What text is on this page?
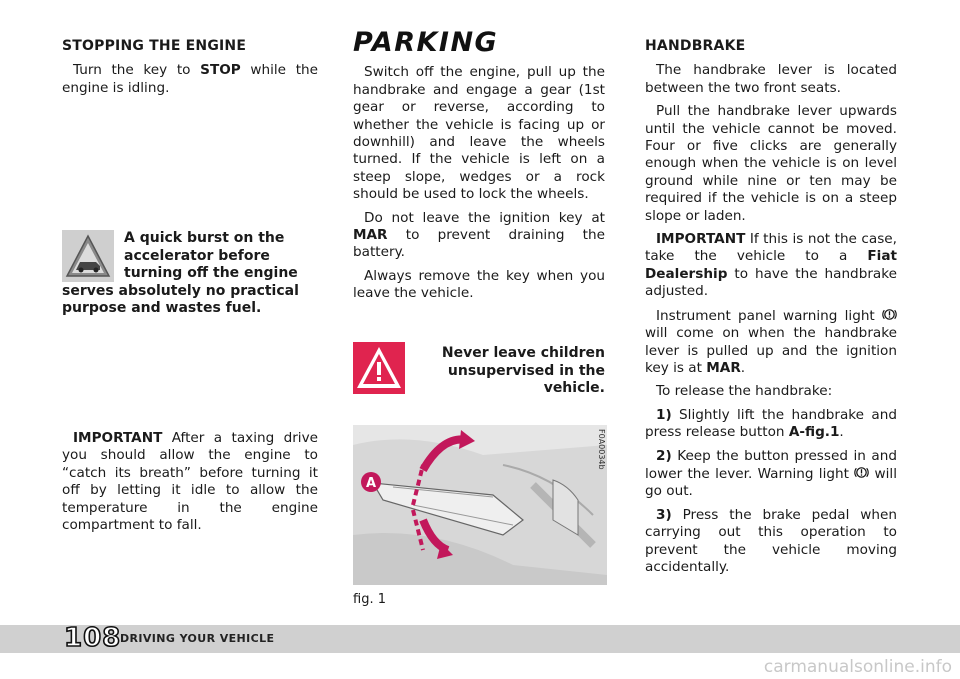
STOPPING THE ENGINE

Turn the key to STOP while the engine is idling.

A quick burst on the accelerator before turning off the engine serves absolutely no practical purpose and wastes fuel.

IMPORTANT After a taxing drive you should allow the engine to “catch its breath” before turning it off by letting it idle to allow the temperature in the engine compartment to fall.

PARKING

Switch off the engine, pull up the handbrake and engage a gear (1st gear or reverse, according to whether the vehicle is facing up or downhill) and leave the wheels turned. If the vehicle is left on a steep slope, wedges or a rock should be used to lock the wheels.

Do not leave the ignition key at MAR to prevent draining the battery.

Always remove the key when you leave the vehicle.

Never leave children unsupervised in the vehicle.
A
F0A0034b
fig. 1
HANDBRAKE

The handbrake lever is located between the two front seats.

Pull the handbrake lever upwards until the vehicle cannot be moved. Four or five clicks are generally enough when the vehicle is on level ground while nine or ten may be required if the vehicle is on a steep slope or laden.

IMPORTANT If this is not the case, take the vehicle to a Fiat Dealership to have the handbrake adjusted.

Instrument panel warning light  will come on when the handbrake lever is pulled up and the ignition key is at MAR.

To release the handbrake:

1) Slightly lift the handbrake and press release button A-fig.1.

2) Keep the button pressed in and lower the lever. Warning light  will go out.

3) Press the brake pedal when carrying out this operation to prevent the vehicle moving accidentally.

108
DRIVING YOUR VEHICLE
carmanualsonline.info
